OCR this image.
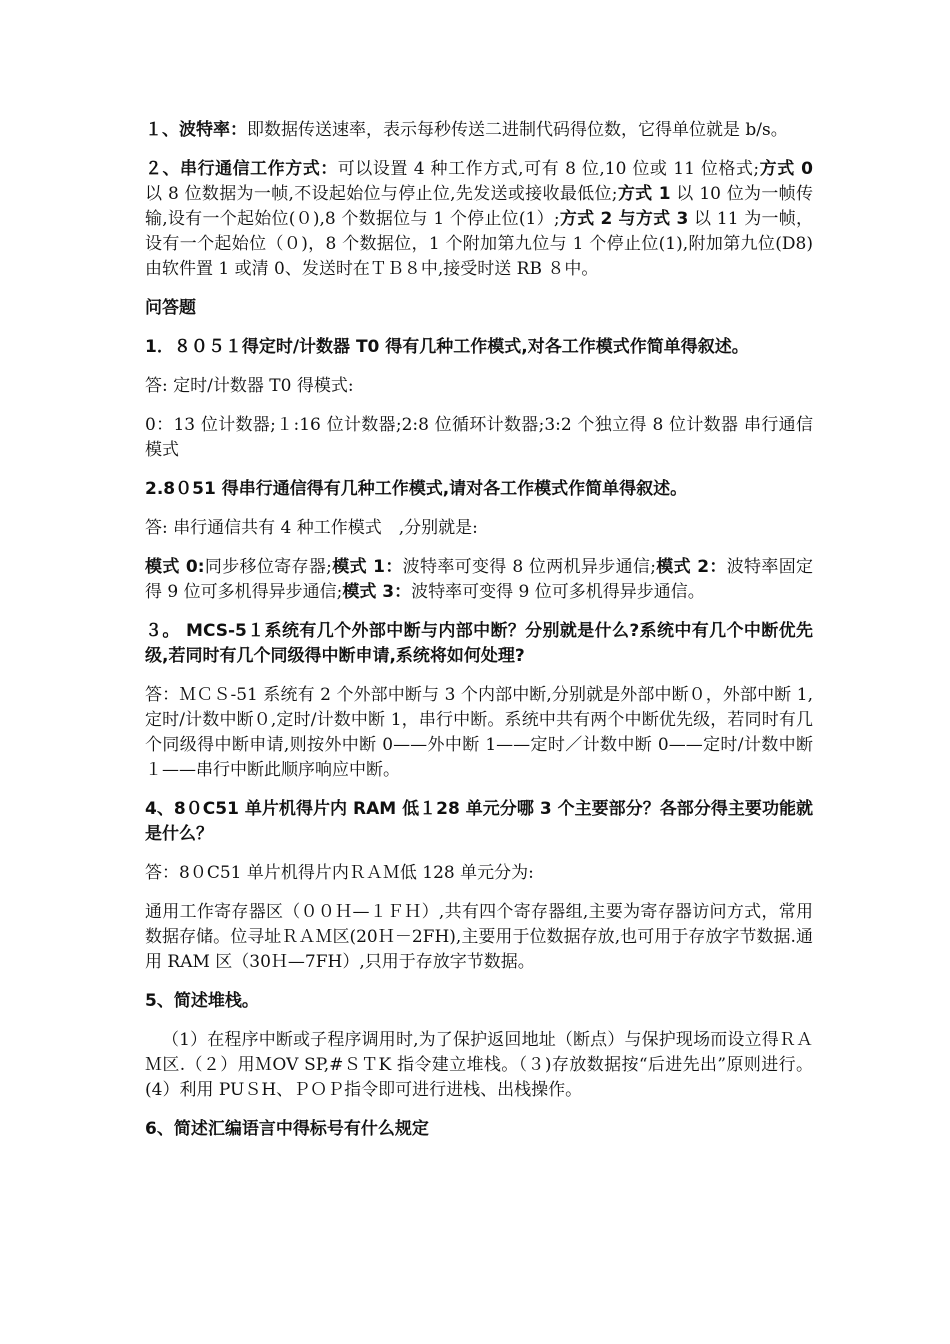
１、波特率：即数据传送速率，表示每秒传送二进制代码得位数，它得单位就是 b/s。

２、串行通信工作方式：可以设置 4 种工作方式,可有 8 位,10 位或 11 位格式;方式 0 以 8 位数据为一帧,不设起始位与停止位,先发送或接收最低位;方式 1 以 10 位为一帧传输,设有一个起始位(０),8 个数据位与 1 个停止位(1）;方式 2 与方式 3 以 11 为一帧，设有一个起始位（０)，8 个数据位，1 个附加第九位与 1 个停止位(1),附加第九位(D8)由软件置 1 或清 0、发送时在ＴＢ８中,接受时送 RB ８中。

问答题

1．８０５１得定时/计数器 T0 得有几种工作模式,对各工作模式作简单得叙述。

答: 定时/计数器 T0 得模式:

0：13 位计数器;１:16 位计数器;2:8 位循环计数器;3:2 个独立得 8 位计数器 串行通信模式

2.8０51 得串行通信得有几种工作模式,请对各工作模式作简单得叙述。

答: 串行通信共有 4 种工作模式　,分别就是:

模式 0:同步移位寄存器;模式 1：波特率可变得 8 位两机异步通信;模式 2：波特率固定得 9 位可多机得异步通信;模式 3：波特率可变得 9 位可多机得异步通信。

３。 MCS-5１系统有几个外部中断与内部中断？分别就是什么?系统中有几个中断优先级,若同时有几个同级得中断申请,系统将如何处理?

答：ＭＣＳ-51 系统有 2 个外部中断与 3 个内部中断,分别就是外部中断０，外部中断 1,定时/计数中断０,定时/计数中断 1，串行中断。系统中共有两个中断优先级，若同时有几个同级得中断申请,则按外中断 0——外中断 1——定时／计数中断 0——定时/计数中断１——串行中断此顺序响应中断。

4、8０C51 单片机得片内 RAM 低１28 单元分哪 3 个主要部分？各部分得主要功能就是什么？

答：8０C51 单片机得片内ＲＡＭ低 128 单元分为:

通用工作寄存器区（００Ｈ—１ＦＨ）,共有四个寄存器组,主要为寄存器访问方式，常用数据存储。位寻址ＲＡＭ区(20Ｈ－2FH),主要用于位数据存放,也可用于存放字节数据.通用 RAM 区（30Ｈ—7FH）,只用于存放字节数据。

5、简述堆栈。

（1）在程序中断或子程序调用时,为了保护返回地址（断点）与保护现场而设立得ＲＡＭ区.（２）用ＭOV SP,#ＳＴK 指令建立堆栈。（３)存放数据按“后进先出”原则进行。(4）利用 PUＳH、ＰＯＰ指令即可进行进栈、出栈操作。

6、简述汇编语言中得标号有什么规定
